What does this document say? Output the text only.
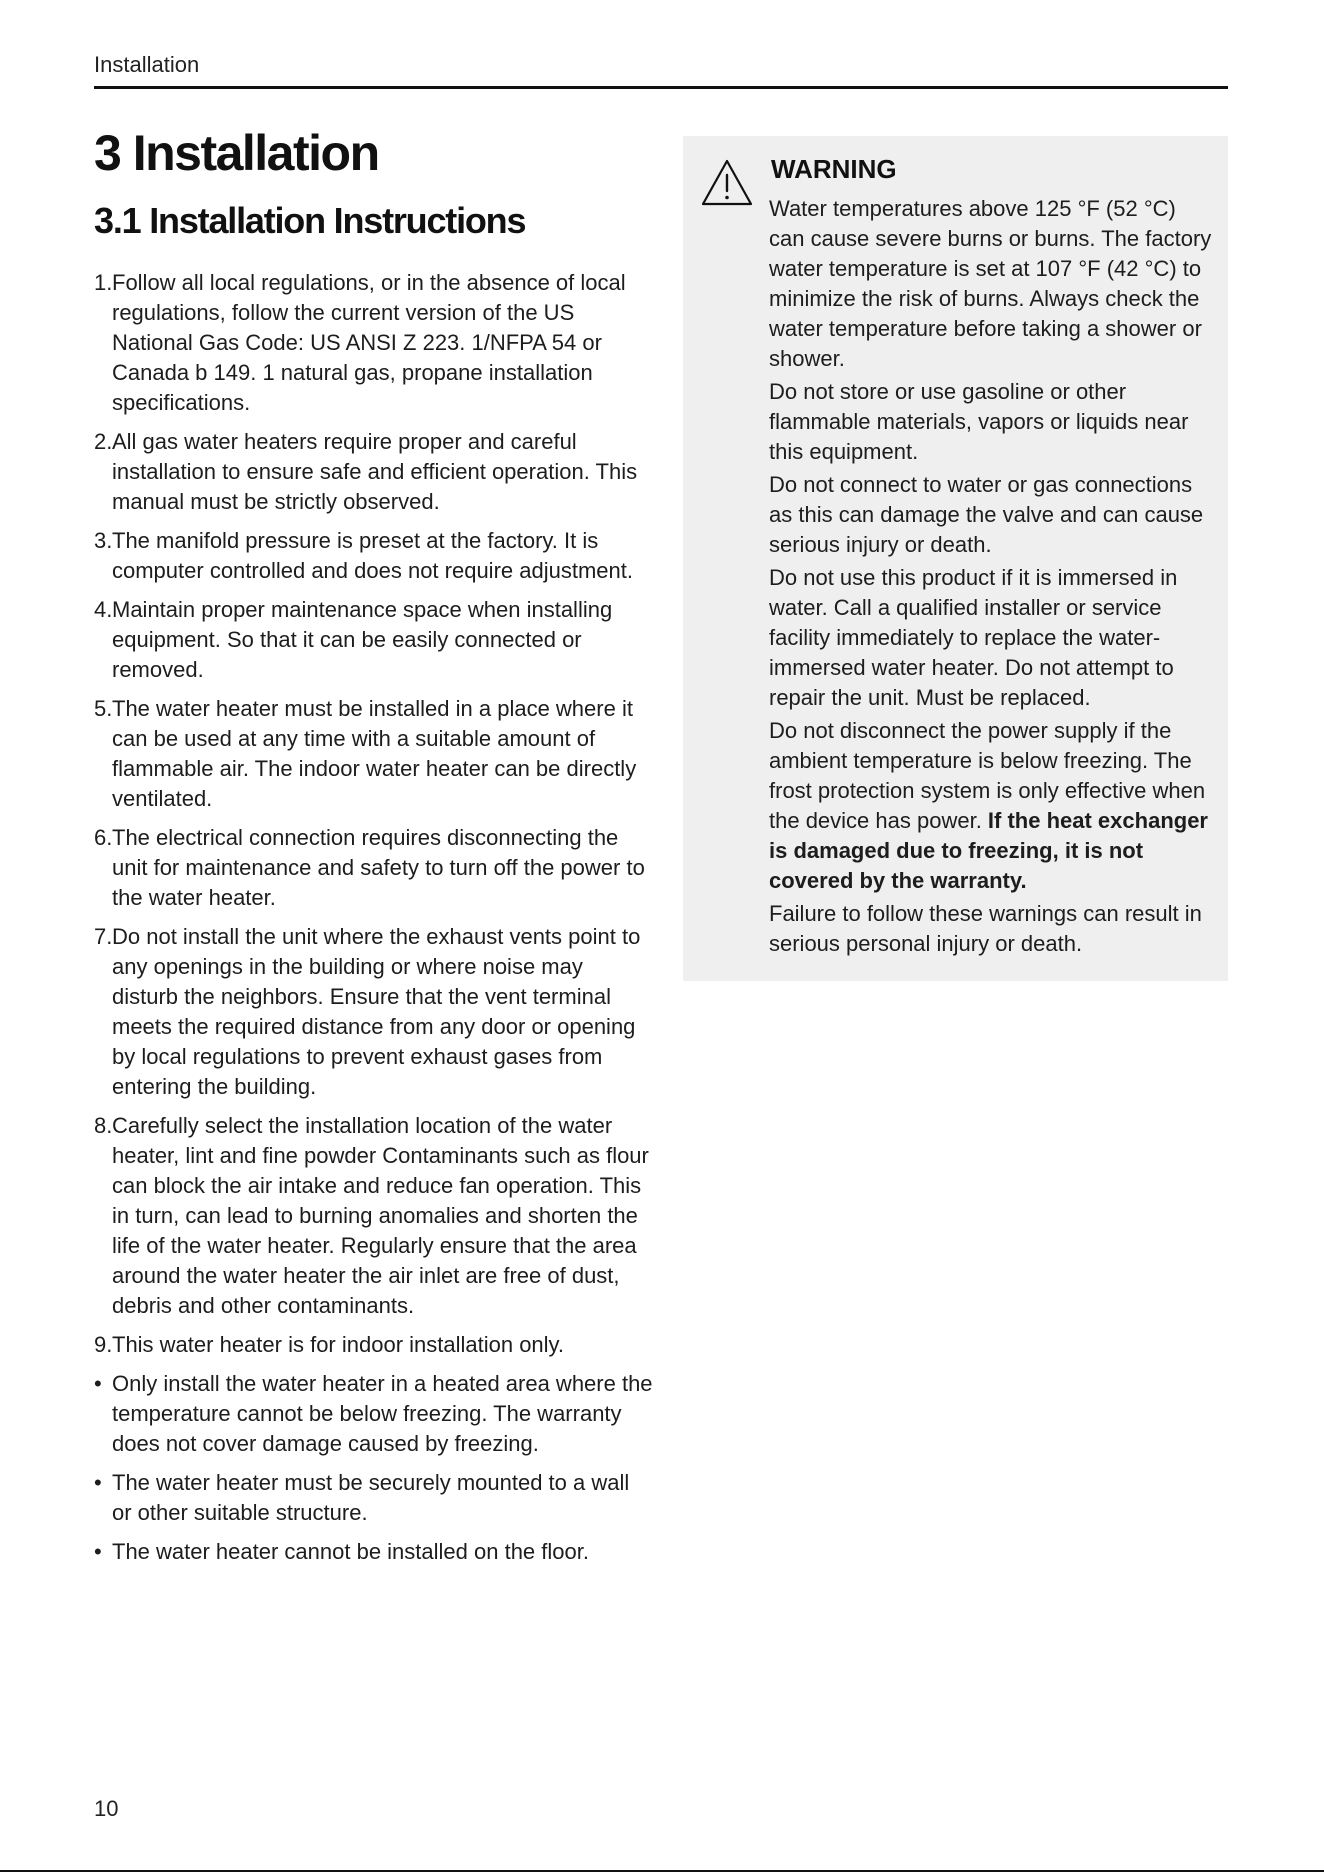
Installation
3 Installation
3.1 Installation Instructions
1. Follow all local regulations, or in the absence of local regulations, follow the current version of the US National Gas Code: US ANSI Z 223. 1/NFPA 54 or Canada b 149. 1 natural gas, propane installation specifications.
2. All gas water heaters require proper and careful installation to ensure safe and efficient operation. This manual must be strictly observed.
3. The manifold pressure is preset at the factory. It is computer controlled and does not require adjustment.
4. Maintain proper maintenance space when installing equipment. So that it can be easily connected or removed.
5. The water heater must be installed in a place where it can be used at any time with a suitable amount of flammable air. The indoor water heater can be directly ventilated.
6. The electrical connection requires disconnecting the unit for maintenance and safety to turn off the power to the water heater.
7. Do not install the unit where the exhaust vents point to any openings in the building or where noise may disturb the neighbors. Ensure that the vent terminal meets the required distance from any door or opening by local regulations to prevent exhaust gases from entering the building.
8. Carefully select the installation location of the water heater, lint and fine powder Contaminants such as flour can block the air intake and reduce fan operation. This in turn, can lead to burning anomalies and shorten the life of the water heater. Regularly ensure that the area around the water heater the air inlet are free of dust, debris and other contaminants.
9. This water heater is for indoor installation only.
• Only install the water heater in a heated area where the temperature cannot be below freezing. The warranty does not cover damage caused by freezing.
• The water heater must be securely mounted to a wall or other suitable structure.
• The water heater cannot be installed on the floor.
WARNING

Water temperatures above 125 °F (52 °C) can cause severe burns or burns. The factory water temperature is set at 107 °F (42 °C) to minimize the risk of burns. Always check the water temperature before taking a shower or shower.

Do not store or use gasoline or other flammable materials, vapors or liquids near this equipment.

Do not connect to water or gas connections as this can damage the valve and can cause serious injury or death.

Do not use this product if it is immersed in water. Call a qualified installer or service facility immediately to replace the water-immersed water heater. Do not attempt to repair the unit. Must be replaced.

Do not disconnect the power supply if the ambient temperature is below freezing. The frost protection system is only effective when the device has power. If the heat exchanger is damaged due to freezing, it is not covered by the warranty.

Failure to follow these warnings can result in serious personal injury or death.

10
